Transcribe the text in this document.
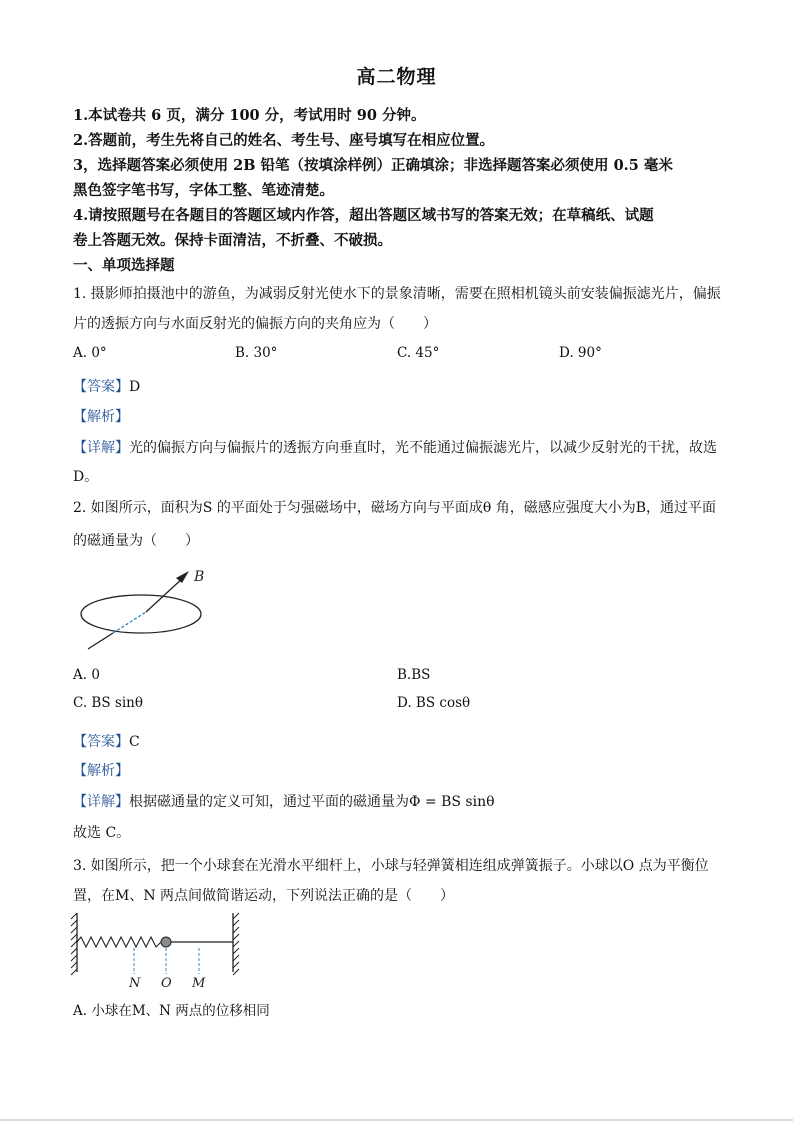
高二物理
1.本试卷共 6 页，满分 100 分，考试用时 90 分钟。
2.答题前，考生先将自己的姓名、考生号、座号填写在相应位置。
3，选择题答案必须使用 2B 铅笔（按填涂样例）正确填涂；非选择题答案必须使用 0.5 毫米
黑色签字笔书写，字体工整、笔迹清楚。
4.请按照题号在各题目的答题区域内作答，超出答题区域书写的答案无效；在草稿纸、试题
卷上答题无效。保持卡面清洁，不折叠、不破损。
一、单项选择题
1. 摄影师拍摄池中的游鱼，为减弱反射光使水下的景象清晰，需要在照相机镜头前安装偏振滤光片，偏振
片的透振方向与水面反射光的偏振方向的夹角应为（　　）
A. 0°	B. 30°	C. 45°	D. 90°
【答案】D
【解析】
【详解】光的偏振方向与偏振片的透振方向垂直时，光不能通过偏振滤光片，以减少反射光的干扰，故选
D。
2. 如图所示，面积为S 的平面处于匀强磁场中，磁场方向与平面成θ 角，磁感应强度大小为B，通过平面
的磁通量为（　　）
B
A. 0	B.BS
C. BS sinθ	D. BS cosθ
【答案】C
【解析】
【详解】根据磁通量的定义可知，通过平面的磁通量为Φ = BS sinθ
故选 C。
3. 如图所示，把一个小球套在光滑水平细杆上，小球与轻弹簧相连组成弹簧振子。小球以O 点为平衡位
置，在M、N 两点间做简谐运动，下列说法正确的是（　　）
N O M
A. 小球在M、N 两点的位移相同
